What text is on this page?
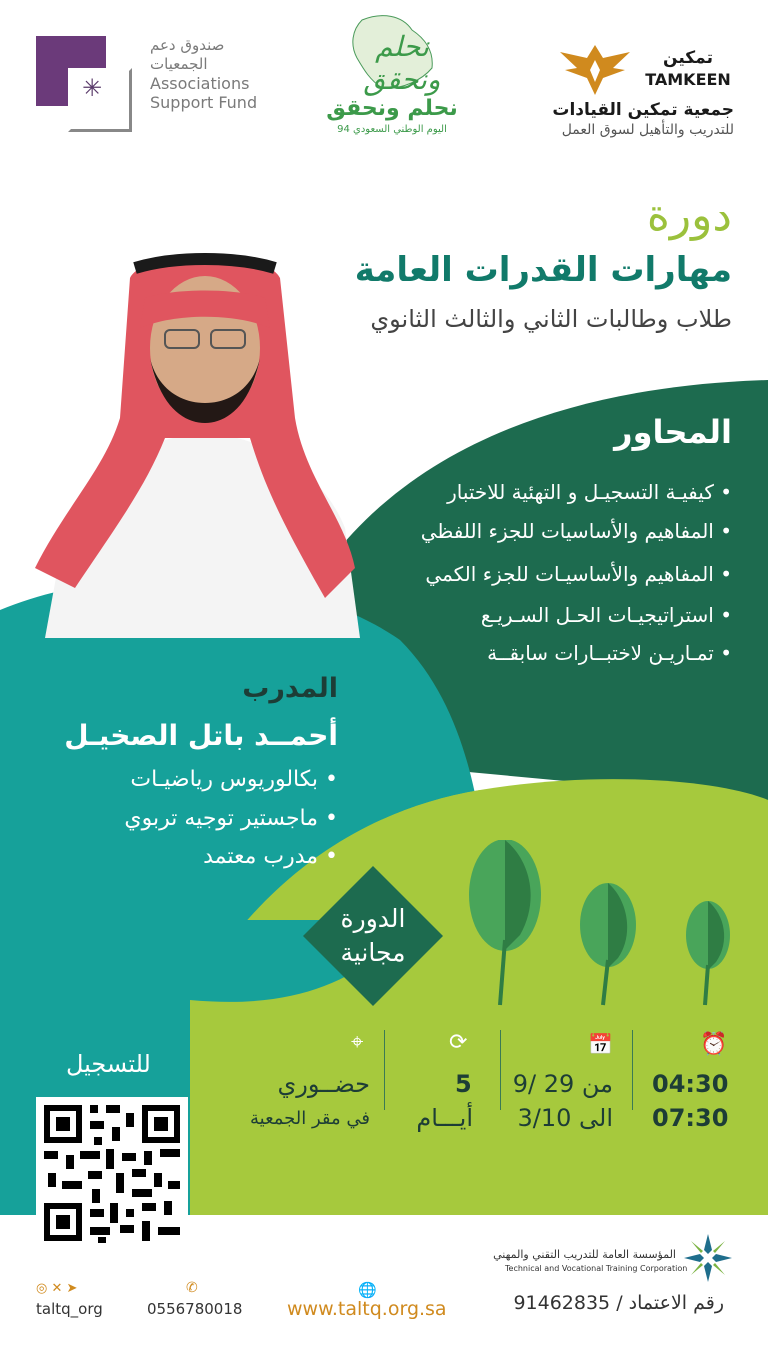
✳
صندوق دعم
الجمعيات
Associations
Support Fund
نحلم ونحقق
نحلم ونحقق
اليوم الوطني السعودي 94
تمكين
TAMKEEN
جمعية تمكين القيادات
للتدريب والتأهيل لسوق العمل
دورة
مهارات القدرات العامة
طلاب وطالبات الثاني والثالث الثانوي
المحاور
• كيفيـة التسجيـل و التهئية للاختبار
• المفاهيم والأساسيات للجزء اللفظي
• المفاهيم والأساسيـات للجزء الكمي
• استراتيجيـات الحـل السـريـع
• تمـاريـن لاختبــارات سابقــة
المدرب
أحمــد باتل الصخيـل
• بكالوريوس رياضيـات
• ماجستير توجيه تربوي
• مدرب معتمد
الدورة
مجانية
⏰
📅
⟳
⌖
04:30
07:30
من 29 /9
الى 3/10
5
أيـــام
حضــوري
في مقر الجمعية
للتسجيل
المؤسسة العامة للتدريب التقني والمهني
Technical and Vocational Training Corporation
رقم الاعتماد / 91462835
🌐
www.taltq.org.sa
✆
0556780018
◎ ✕ ➤
taltq_org
